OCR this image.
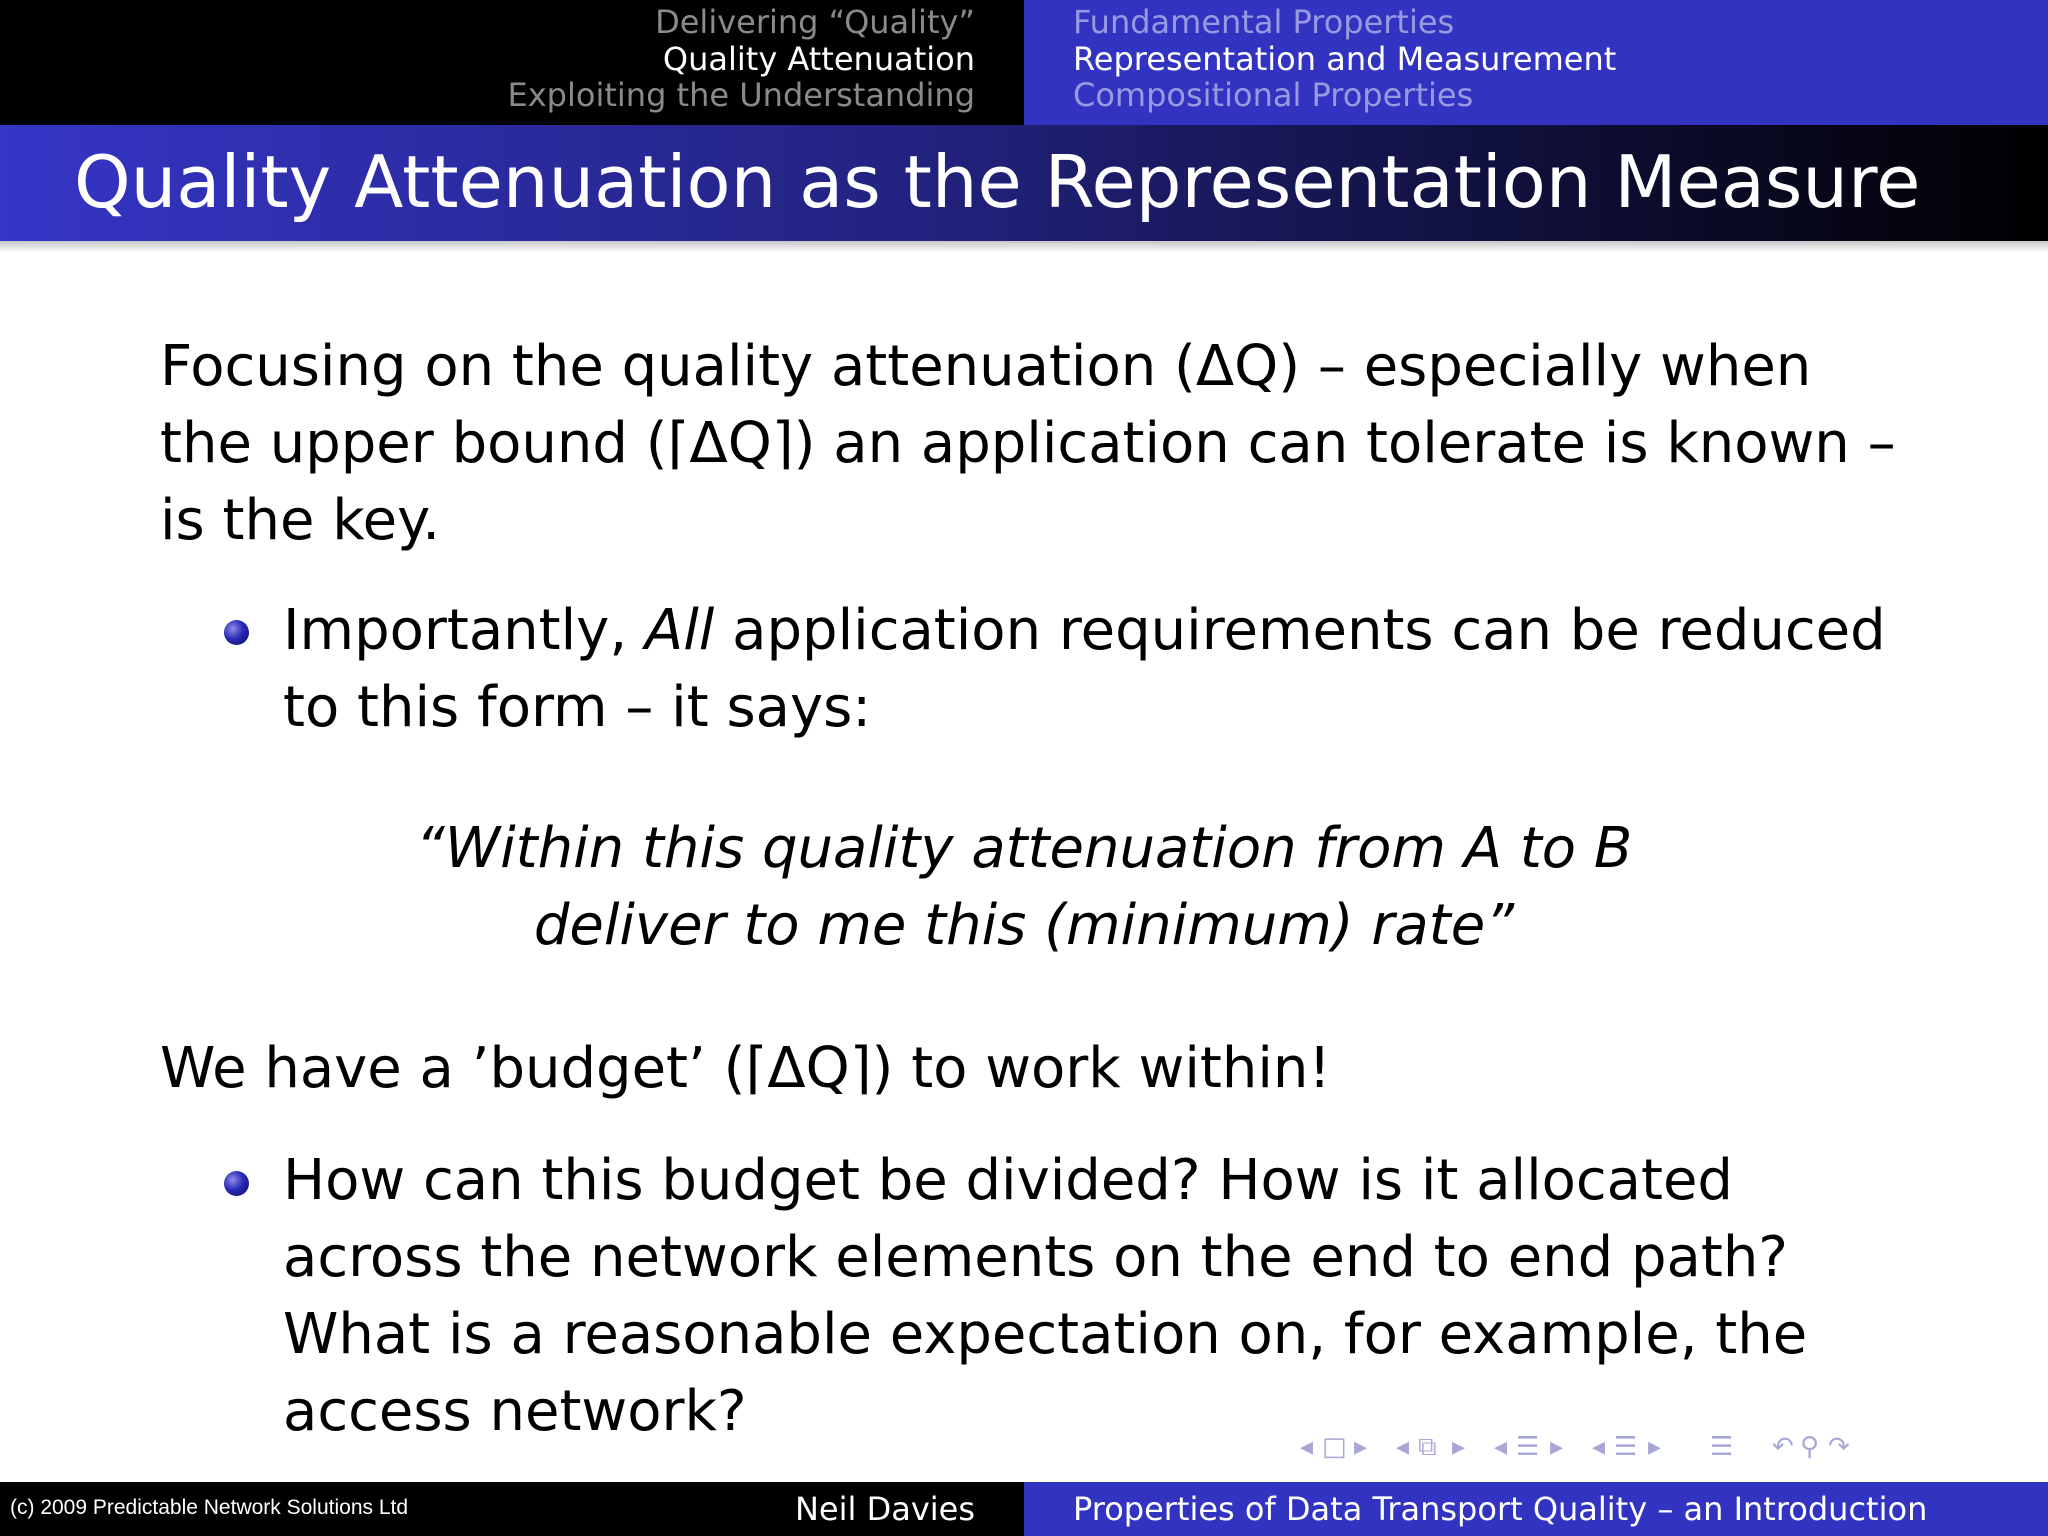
Delivering “Quality”
Quality Attenuation
Exploiting the Understanding
Fundamental Properties
Representation and Measurement
Compositional Properties
Quality Attenuation as the Representation Measure

Focusing on the quality attenuation (ΔQ) – especially when the upper bound (⌈ΔQ⌉) an application can tolerate is known – is the key.

Importantly, All application requirements can be reduced to this form – it says:

“Within this quality attenuation from A to B
deliver to me this (minimum) rate”

We have a ’budget’ (⌈ΔQ⌉) to work within!

How can this budget be divided? How is it allocated across the network elements on the end to end path? What is a reasonable expectation on, for example, the access network?

◂ □ ▸ ◂ ⧉ ▸ ◂ ☰ ▸ ◂ ☰ ▸ ☰ ↶ ⚲ ↷
(c) 2009 Predictable Network Solutions Ltd	Neil Davies	Properties of Data Transport Quality – an Introduction
